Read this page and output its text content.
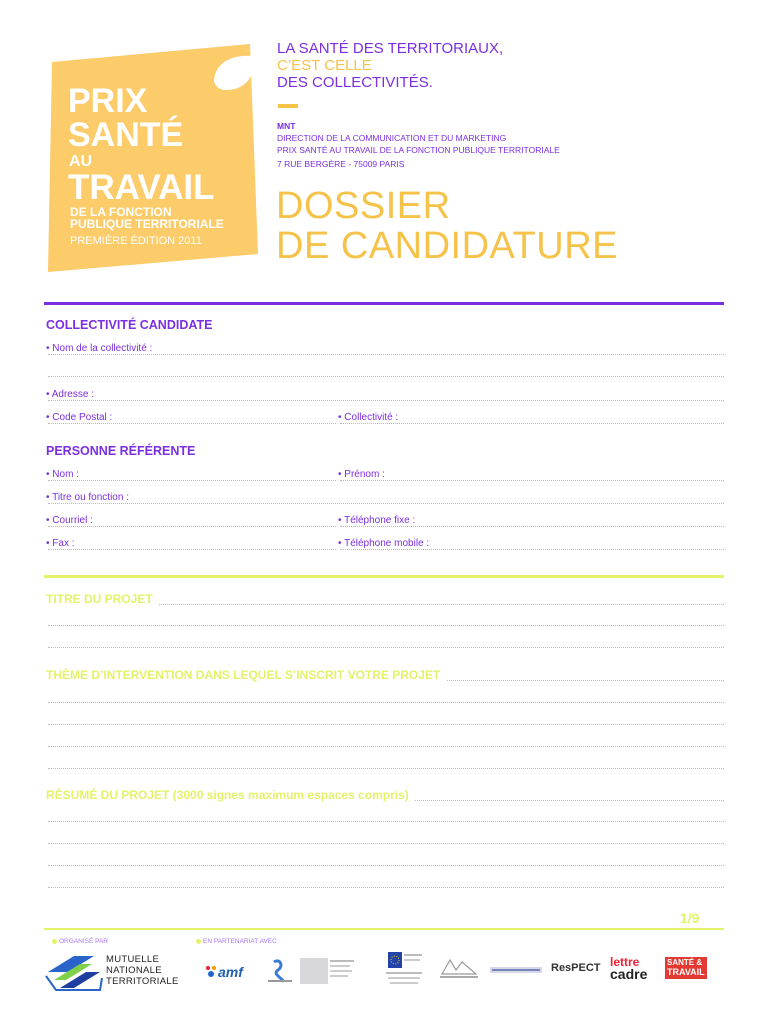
PRIX
SANTÉ
AU
TRAVAIL
DE LA FONCTION
PUBLIQUE TERRITORIALE
PREMIÈRE ÉDITION 2011
LA SANTÉ DES TERRITORIAUX,
C’EST CELLE
DES COLLECTIVITÉS.
MNT
DIRECTION DE LA COMMUNICATION ET DU MARKETING
PRIX SANTÉ AU TRAVAIL DE LA FONCTION PUBLIQUE TERRITORIALE
7 RUE BERGÈRE - 75009 PARIS
DOSSIER
DE CANDIDATURE
COLLECTIVITÉ CANDIDATE
• Nom de la collectivité :
• Adresse :
• Code Postal :	• Collectivité :
PERSONNE RÉFÉRENTE
• Nom :	• Prénom :
• Titre ou fonction :
• Courriel :	• Téléphone fixe :
• Fax :	• Téléphone mobile :
TITRE DU PROJET
THÈME D’INTERVENTION DANS LEQUEL S’INSCRIT VOTRE PROJET
RÉSUMÉ DU PROJET (3000 signes maximum espaces compris)
1/9
ORGANISÉ PAR	EN PARTENARIAT AVEC
MUTUELLE
NATIONALE
TERRITORIALE
amf	ResPECT lettre
cadre
SANTÉ &
TRAVAIL
